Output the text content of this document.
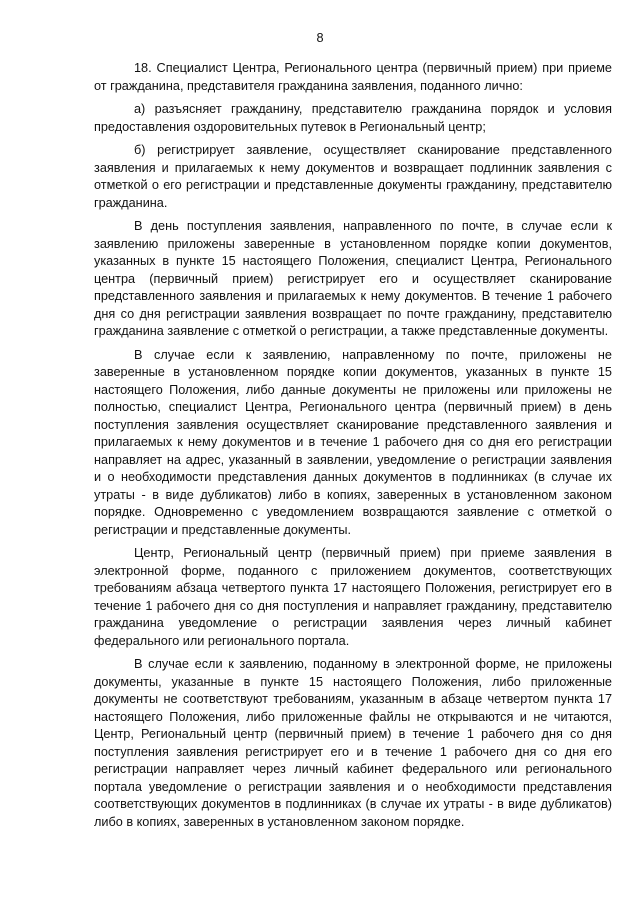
8

18. Специалист Центра, Регионального центра (первичный прием) при приеме от гражданина, представителя гражданина заявления, поданного лично:

а) разъясняет гражданину, представителю гражданина порядок и условия предоставления оздоровительных путевок в Региональный центр;

б) регистрирует заявление, осуществляет сканирование представленного заявления и прилагаемых к нему документов и возвращает подлинник заявления с отметкой о его регистрации и представленные документы гражданину, представителю гражданина.

В день поступления заявления, направленного по почте, в случае если к заявлению приложены заверенные в установленном порядке копии документов, указанных в пункте 15 настоящего Положения, специалист Центра, Регионального центра (первичный прием) регистрирует его и осуществляет сканирование представленного заявления и прилагаемых к нему документов. В течение 1 рабочего дня со дня регистрации заявления возвращает по почте гражданину, представителю гражданина заявление с отметкой о регистрации, а также представленные документы.

В случае если к заявлению, направленному по почте, приложены не заверенные в установленном порядке копии документов, указанных в пункте 15 настоящего Положения, либо данные документы не приложены или приложены не полностью, специалист Центра, Регионального центра (первичный прием) в день поступления заявления осуществляет сканирование представленного заявления и прилагаемых к нему документов и в течение 1 рабочего дня со дня его регистрации направляет на адрес, указанный в заявлении, уведомление о регистрации заявления и о необходимости представления данных документов в подлинниках (в случае их утраты - в виде дубликатов) либо в копиях, заверенных в установленном законом порядке. Одновременно с уведомлением возвращаются заявление с отметкой о регистрации и представленные документы.

Центр, Региональный центр (первичный прием) при приеме заявления в электронной форме, поданного с приложением документов, соответствующих требованиям абзаца четвертого пункта 17 настоящего Положения, регистрирует его в течение 1 рабочего дня со дня поступления и направляет гражданину, представителю гражданина уведомление о регистрации заявления через личный кабинет федерального или регионального портала.

В случае если к заявлению, поданному в электронной форме, не приложены документы, указанные в пункте 15 настоящего Положения, либо приложенные документы не соответствуют требованиям, указанным в абзаце четвертом пункта 17 настоящего Положения, либо приложенные файлы не открываются и не читаются, Центр, Региональный центр (первичный прием) в течение 1 рабочего дня со дня поступления заявления регистрирует его и в течение 1 рабочего дня со дня его регистрации направляет через личный кабинет федерального или регионального портала уведомление о регистрации заявления и о необходимости представления соответствующих документов в подлинниках (в случае их утраты - в виде дубликатов) либо в копиях, заверенных в установленном законом порядке.
